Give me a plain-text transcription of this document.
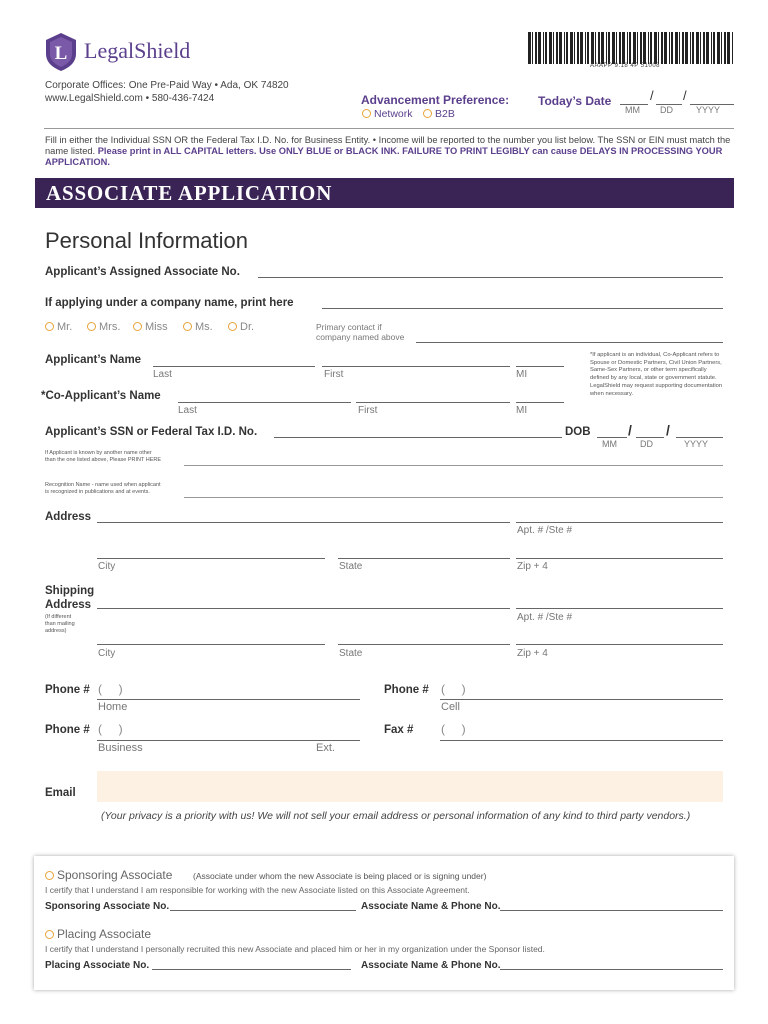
L LegalShield
Corporate Offices: One Pre-Paid Way • Ada, OK 74820
www.LegalShield.com • 580-436-7424
AAAPP 9.18 4P 51008
Advancement Preference:
Network	B2B
Today’s Date	/ /
MM DD	YYYY
Fill in either the Individual SSN OR the Federal Tax I.D. No. for Business Entity. • Income will be reported to the number you list below. The SSN or EIN must match the name listed. Please print in ALL CAPITAL letters. Use ONLY BLUE or BLACK INK. FAILURE TO PRINT LEGIBLY can cause DELAYS IN PROCESSING YOUR APPLICATION.
ASSOCIATE APPLICATION
Personal Information
Applicant’s Assigned Associate No.
If applying under a company name, print here
Mr.	Mrs.	Miss	Ms.	Dr.	Primary contact if
company named above
Applicant’s Name
Last	First	MI
*Co-Applicant’s Name
Last	First	MI
*If applicant is an individual, Co-Applicant refers to Spouse or Domestic Partners, Civil Union Partners, Same-Sex Partners, or other term specifically defined by any local, state or government statute. LegalShield may request supporting documentation when necessary.
Applicant’s SSN or Federal Tax I.D. No.	DOB	/ /
MM	DD	YYYY
If Applicant is known by another name other
than the one listed above, Please PRINT HERE
Recognition Name - name used when applicant
is recognized in publications and at events.
Address
Apt. # /Ste #
City	State	Zip + 4
Shipping
Address
(If different
than mailing
address)
Apt. # /Ste #
City	State	Zip + 4
Phone # (     )
Home
Phone # (     )
Cell
Phone # (     )
Business	Ext.
Fax # (     )
Email
(Your privacy is a priority with us! We will not sell your email address or personal information of any kind to third party vendors.)
Sponsoring Associate (Associate under whom the new Associate is being placed or is signing under)
I certify that I understand I am responsible for working with the new Associate listed on this Associate Agreement.
Sponsoring Associate No.	Associate Name & Phone No.
Placing Associate
I certify that I understand I personally recruited this new Associate and placed him or her in my organization under the Sponsor listed.
Placing Associate No.	Associate Name & Phone No.
